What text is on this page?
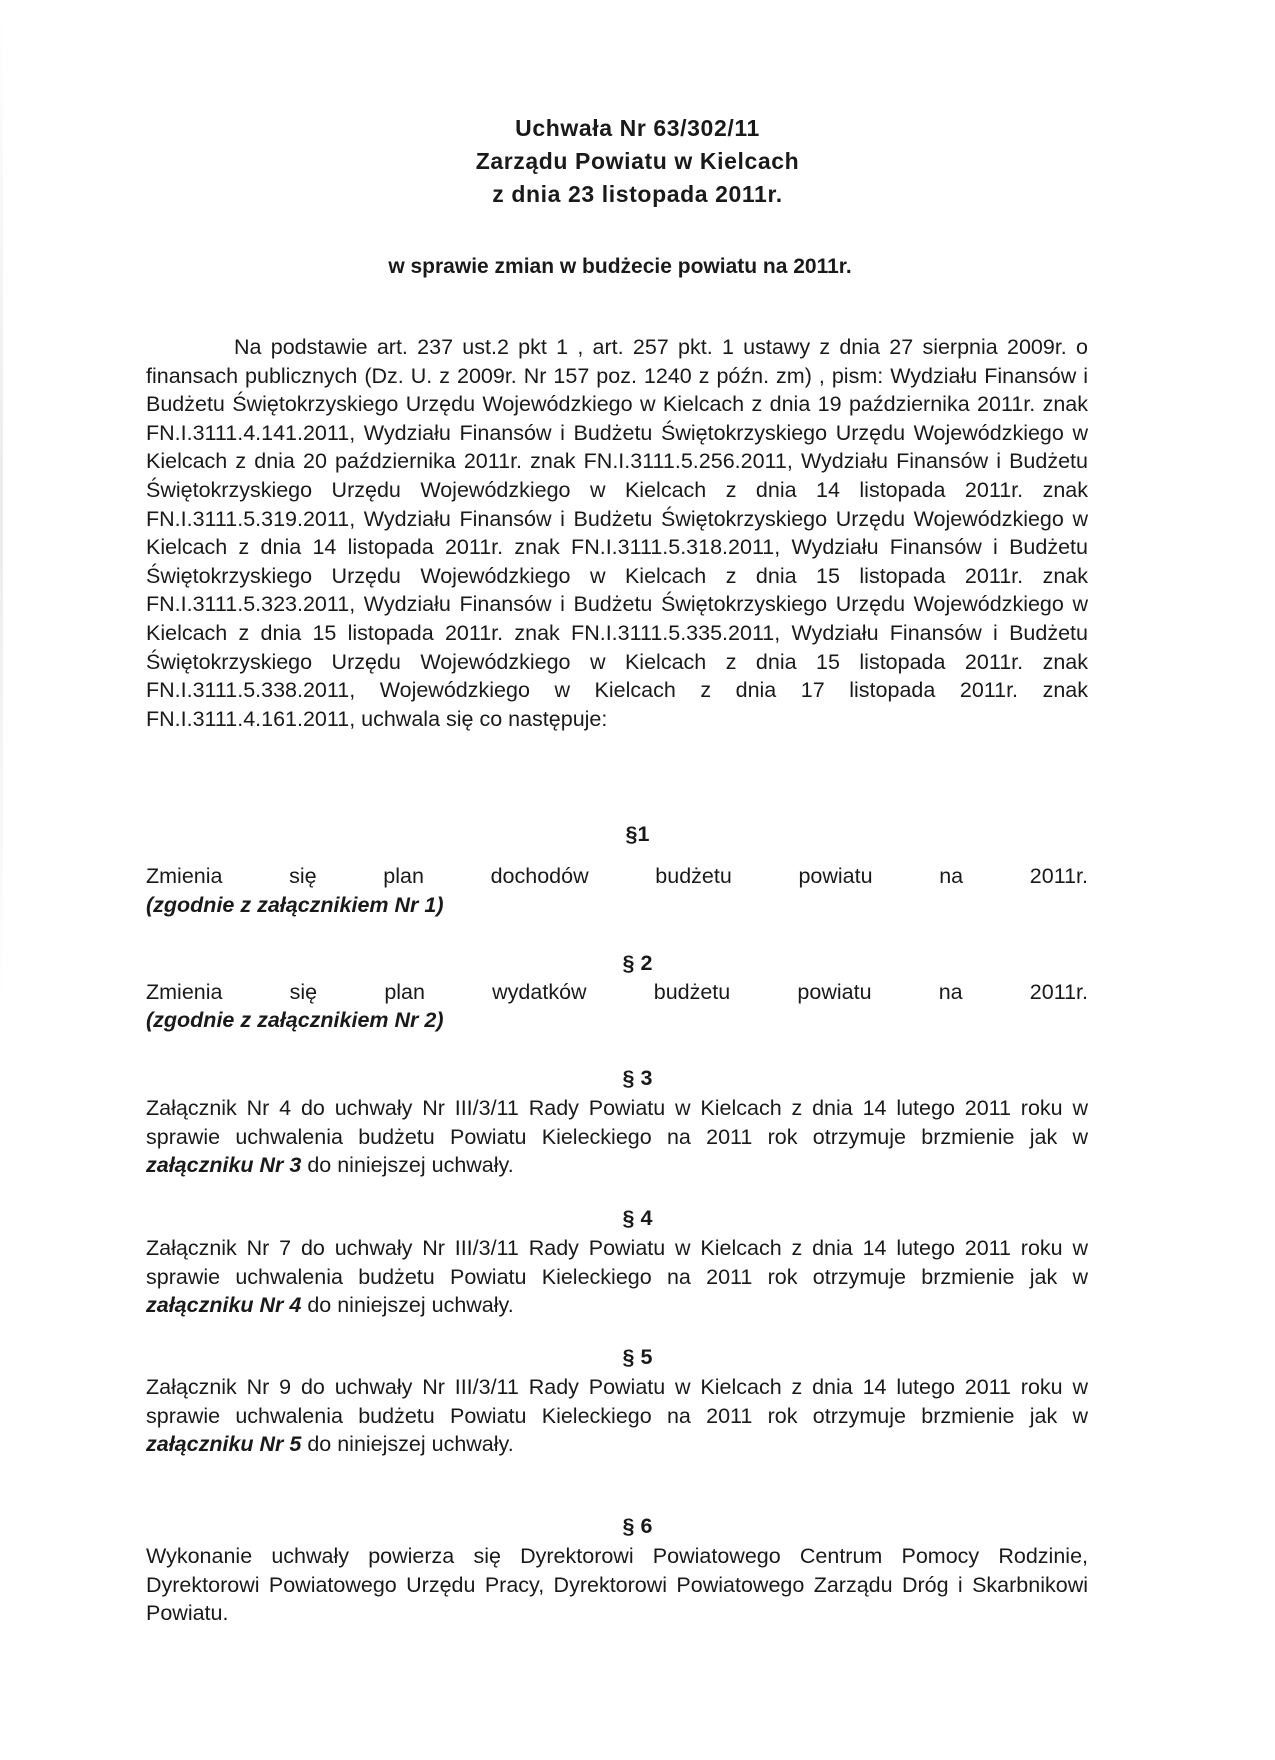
Uchwała Nr 63/302/11
Zarządu Powiatu w Kielcach
z dnia 23 listopada 2011r.
w sprawie zmian w budżecie powiatu na 2011r.
Na podstawie art. 237 ust.2 pkt 1 , art. 257 pkt. 1 ustawy z dnia 27 sierpnia 2009r. o finansach publicznych (Dz. U. z 2009r. Nr 157 poz. 1240 z późn. zm) , pism: Wydziału Finansów i Budżetu Świętokrzyskiego Urzędu Wojewódzkiego w Kielcach z dnia 19 października 2011r. znak FN.I.3111.4.141.2011, Wydziału Finansów i Budżetu Świętokrzyskiego Urzędu Wojewódzkiego w Kielcach z dnia 20 października 2011r. znak FN.I.3111.5.256.2011, Wydziału Finansów i Budżetu Świętokrzyskiego Urzędu Wojewódzkiego w Kielcach z dnia 14 listopada 2011r. znak FN.I.3111.5.319.2011, Wydziału Finansów i Budżetu Świętokrzyskiego Urzędu Wojewódzkiego w Kielcach z dnia 14 listopada 2011r. znak FN.I.3111.5.318.2011, Wydziału Finansów i Budżetu Świętokrzyskiego Urzędu Wojewódzkiego w Kielcach z dnia 15 listopada 2011r. znak FN.I.3111.5.323.2011, Wydziału Finansów i Budżetu Świętokrzyskiego Urzędu Wojewódzkiego w Kielcach z dnia 15 listopada 2011r. znak FN.I.3111.5.335.2011, Wydziału Finansów i Budżetu Świętokrzyskiego Urzędu Wojewódzkiego w Kielcach z dnia 15 listopada 2011r. znak FN.I.3111.5.338.2011, Wojewódzkiego w Kielcach z dnia 17 listopada 2011r. znak FN.I.3111.4.161.2011, uchwala się co następuje:
§1
Zmienia się plan dochodów budżetu powiatu na 2011r.
(zgodnie z załącznikiem Nr 1)
§ 2
Zmienia się plan wydatków budżetu powiatu na 2011r.
(zgodnie z załącznikiem Nr 2)
§ 3
Załącznik Nr 4 do uchwały Nr III/3/11 Rady Powiatu w Kielcach z dnia 14 lutego 2011 roku w sprawie uchwalenia budżetu Powiatu Kieleckiego na 2011 rok otrzymuje brzmienie jak w załączniku Nr 3 do niniejszej uchwały.
§ 4
Załącznik Nr 7 do uchwały Nr III/3/11 Rady Powiatu w Kielcach z dnia 14 lutego 2011 roku w sprawie uchwalenia budżetu Powiatu Kieleckiego na 2011 rok otrzymuje brzmienie jak w załączniku Nr 4 do niniejszej uchwały.
§ 5
Załącznik Nr 9 do uchwały Nr III/3/11 Rady Powiatu w Kielcach z dnia 14 lutego 2011 roku w sprawie uchwalenia budżetu Powiatu Kieleckiego na 2011 rok otrzymuje brzmienie jak w załączniku Nr 5 do niniejszej uchwały.
§ 6
Wykonanie uchwały powierza się Dyrektorowi Powiatowego Centrum Pomocy Rodzinie, Dyrektorowi Powiatowego Urzędu Pracy, Dyrektorowi Powiatowego Zarządu Dróg i Skarbnikowi Powiatu.
